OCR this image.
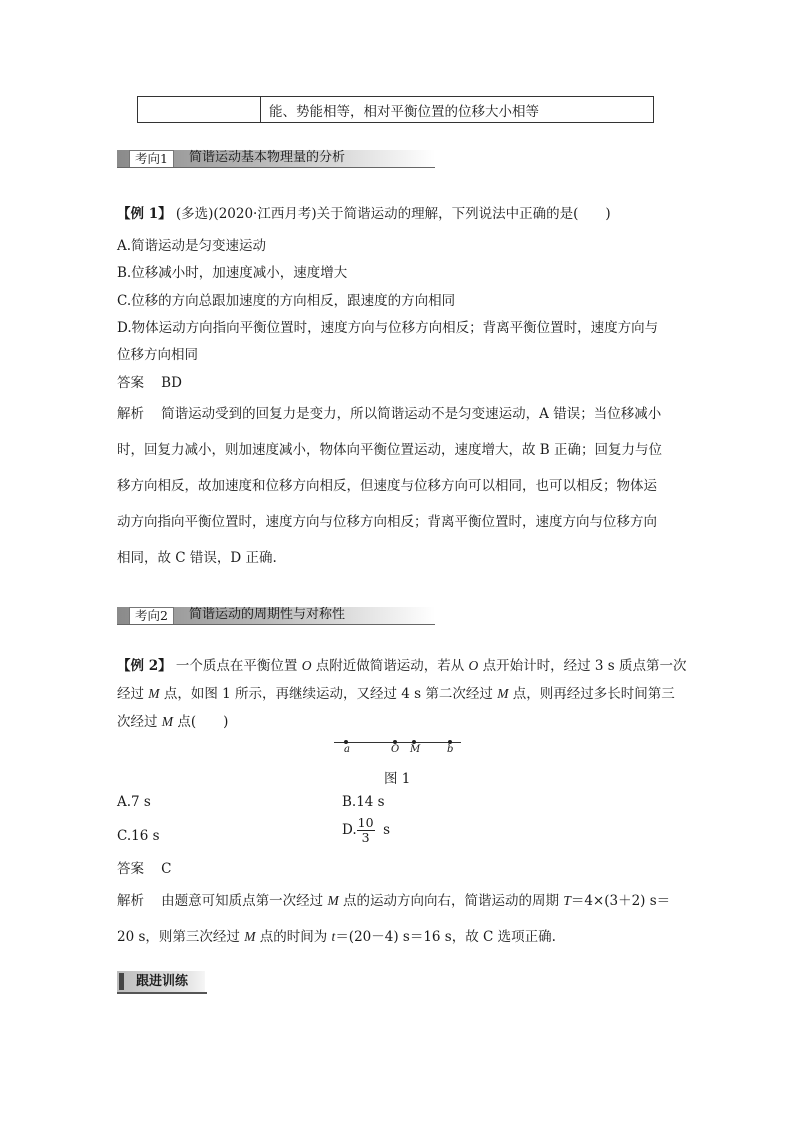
能、势能相等，相对平衡位置的位移大小相等
考向1	简谐运动基本物理量的分析
【例 1】 (多选)(2020·江西月考)关于简谐运动的理解，下列说法中正确的是(　　)
A.简谐运动是匀变速运动
B.位移减小时，加速度减小，速度增大
C.位移的方向总跟加速度的方向相反，跟速度的方向相同
D.物体运动方向指向平衡位置时，速度方向与位移方向相反；背离平衡位置时，速度方向与
位移方向相同
答案 BD
解析 简谐运动受到的回复力是变力，所以简谐运动不是匀变速运动，A 错误；当位移减小
时，回复力减小，则加速度减小，物体向平衡位置运动，速度增大，故 B 正确；回复力与位
移方向相反，故加速度和位移方向相反，但速度与位移方向可以相同，也可以相反；物体运
动方向指向平衡位置时，速度方向与位移方向相反；背离平衡位置时，速度方向与位移方向
相同，故 C 错误，D 正确.
考向2	简谐运动的周期性与对称性
【例 2】 一个质点在平衡位置 O 点附近做简谐运动，若从 O 点开始计时，经过 3 s 质点第一次
经过 M 点，如图 1 所示，再继续运动，又经过 4 s 第二次经过 M 点，则再经过多长时间第三
次经过 M 点(　　)
a	O M	b
图 1
A.7 s	B.14 s
C.16 s	D. $\frac{10}{3}$ s
答案 C
解析 由题意可知质点第一次经过 M 点的运动方向向右，简谐运动的周期 T＝4×(3＋2) s＝
20 s，则第三次经过 M 点的时间为 t＝(20－4) s＝16 s，故 C 选项正确.
跟进训练
